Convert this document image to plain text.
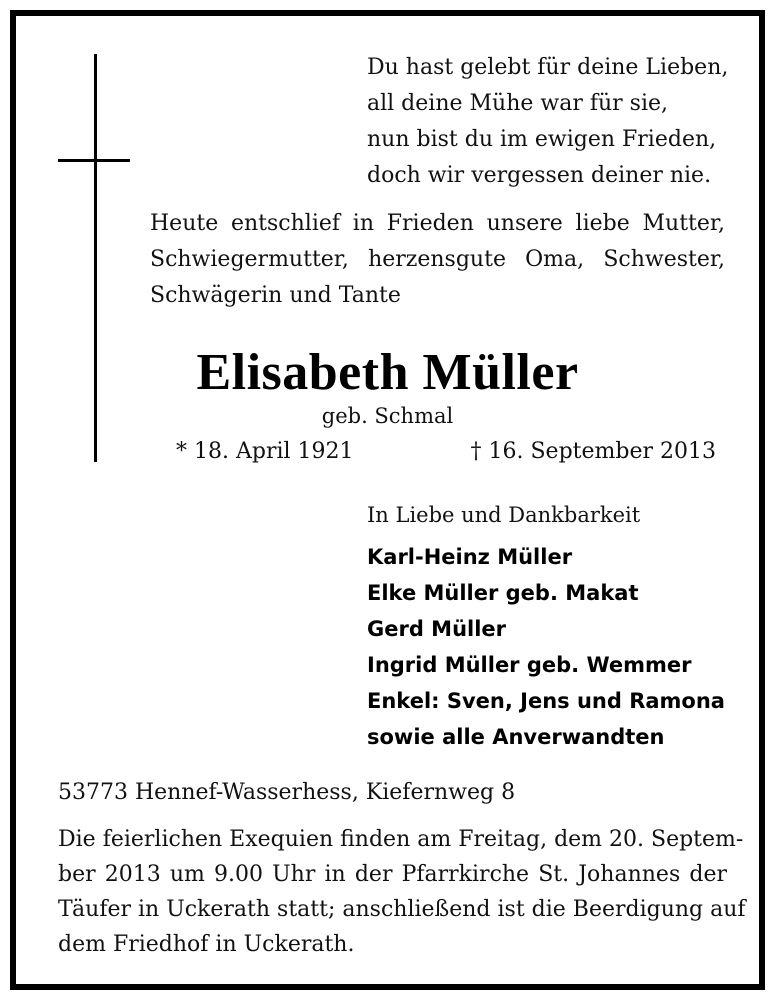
Du hast gelebt für deine Lieben,
all deine Mühe war für sie,
nun bist du im ewigen Frieden,
doch wir vergessen deiner nie.
Heute entschlief in Frieden unsere liebe Mutter,
Schwiegermutter, herzensgute Oma, Schwester,
Schwägerin und Tante
Elisabeth Müller
geb. Schmal
* 18. April 1921	† 16. September 2013
In Liebe und Dankbarkeit
Karl-Heinz Müller
Elke Müller geb. Makat
Gerd Müller
Ingrid Müller geb. Wemmer
Enkel: Sven, Jens und Ramona
sowie alle Anverwandten
53773 Hennef-Wasserhess, Kiefernweg 8
Die feierlichen Exequien finden am Freitag, dem 20. Septem-
ber 2013 um 9.00 Uhr in der Pfarrkirche St. Johannes der
Täufer in Uckerath statt; anschließend ist die Beerdigung auf
dem Friedhof in Uckerath.
